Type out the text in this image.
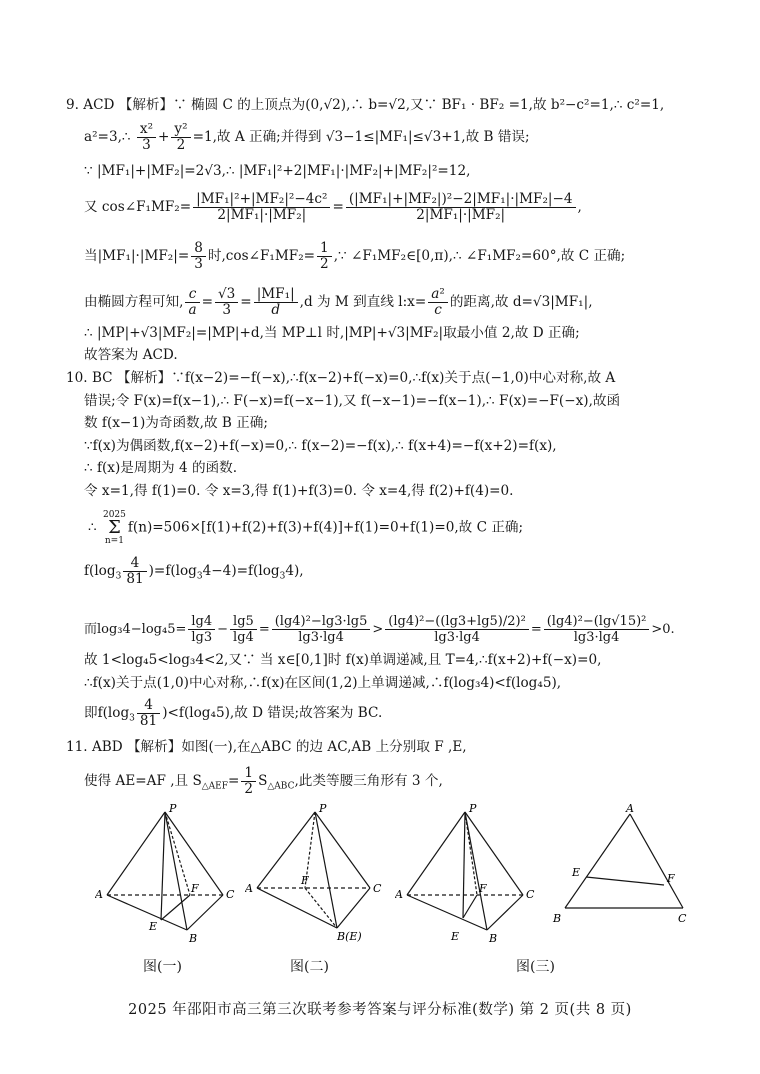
9. ACD 【解析】∵ 椭圆 C 的上顶点为(0,√2),∴ b=√2,又∵ BF₁ · BF₂ =1,故 b²−c²=1,∴ c²=1,
a²=3,∴ $\frac{\text{x²}}{3} + \frac{\text{y²}}{2} =1$,故 A 正确;并得到 √3−1≤|MF₁|≤√3+1,故 B 错误;
∵ |MF₁|+|MF₂|=2√3,∴ |MF₁|²+2|MF₁|·|MF₂|+|MF₂|²=12,
又 cos∠F₁MF₂= $\frac{\text{|MF₁|²+|MF₂|²−4c²}}{\text{2|MF₁|·|MF₂|}} = \frac{\text{(|MF₁|+|MF₂|)²−2|MF₁|·|MF₂|−4}}{\text{2|MF₁|·|MF₂|}}$ ,
当$|MF_1|\cdot|MF_2|= \frac{8}{3}$ 时,cos∠F₁MF₂= $\frac{1}{2}$ ,∵ ∠F₁MF₂∈[0,π),∴ ∠F₁MF₂=60°,故 C 正确;
由椭圆方程可知, $\frac{c}{a} = \frac{√3}{3} = \frac{\text{|MF₁|}}{d} ,d$ 为 M 到直线 l:x= $\frac{\text{a²}}{c}$ 的距离,故 d=√3|MF₁|,
∴ |MP|+√3|MF₂|=|MP|+d,当 MP⊥l 时,|MP|+√3|MF₂|取最小值 2,故 D 正确;
故答案为 ACD.
10. BC 【解析】∵f(x−2)=−f(−x),∴f(x−2)+f(−x)=0,∴f(x)关于点(−1,0)中心对称,故 A
错误;令 F(x)=f(x−1),∴ F(−x)=f(−x−1),又 f(−x−1)=−f(x−1),∴ F(x)=−F(−x),故函
数 f(x−1)为奇函数,故 B 正确;
∵f(x)为偶函数,f(x−2)+f(−x)=0,∴ f(x−2)=−f(x),∴ f(x+4)=−f(x+2)=f(x),
∴ f(x)是周期为 4 的函数.
令 x=1,得 f(1)=0. 令 x=3,得 f(1)+f(3)=0. 令 x=4,得 f(2)+f(4)=0.
∴
2025
Σ
n=1
f(n)=506×[f(1)+f(2)+f(3)+f(4)]+f(1)=0+f(1)=0,故 C 正确;
$f(\log_3 \frac{4}{81} )=f(\log_34-4)=f(\log_34)$,
而$\log_34-\log_45= \frac{\lg 4}{\lg 3} - \frac{\lg 5}{\lg 4} = \frac{\text{(lg4)²−lg3·lg5}}{\lg 3\cdot\lg 4} > \frac{\text{(lg4)²−((lg3+lg5)/2)²}}{\lg 3\cdot\lg 4} = \frac{\text{(lg4)²−(lg√15)²}}{\lg 3\cdot\lg 4} >0$.
故 1<log₄5<log₃4<2,又∵ 当 x∈[0,1]时 f(x)单调递减,且 T=4,∴f(x+2)+f(−x)=0,
∴f(x)关于点(1,0)中心对称,∴f(x)在区间(1,2)上单调递减,∴f(log₃4)<f(log₄5),
即$f(\log_3 \frac{4}{81} )<f(\log_45)$,故 D 错误;故答案为 BC.
11. ABD 【解析】如图(一),在△ABC 的边 AC,AB 上分别取 F ,E,
使得 AE=AF ,且 $S_{\triangle AEF}= \frac{1}{2} S_{\triangle ABC}$,此类等腰三角形有 3 个,
P
A	C
B
E
F
P
A	C
F
B(E)
P
A	C
B
E
F
A
E	F
B	C
图(一)	图(二)	图(三)
2025 年邵阳市高三第三次联考参考答案与评分标准(数学) 第 2 页(共 8 页)
